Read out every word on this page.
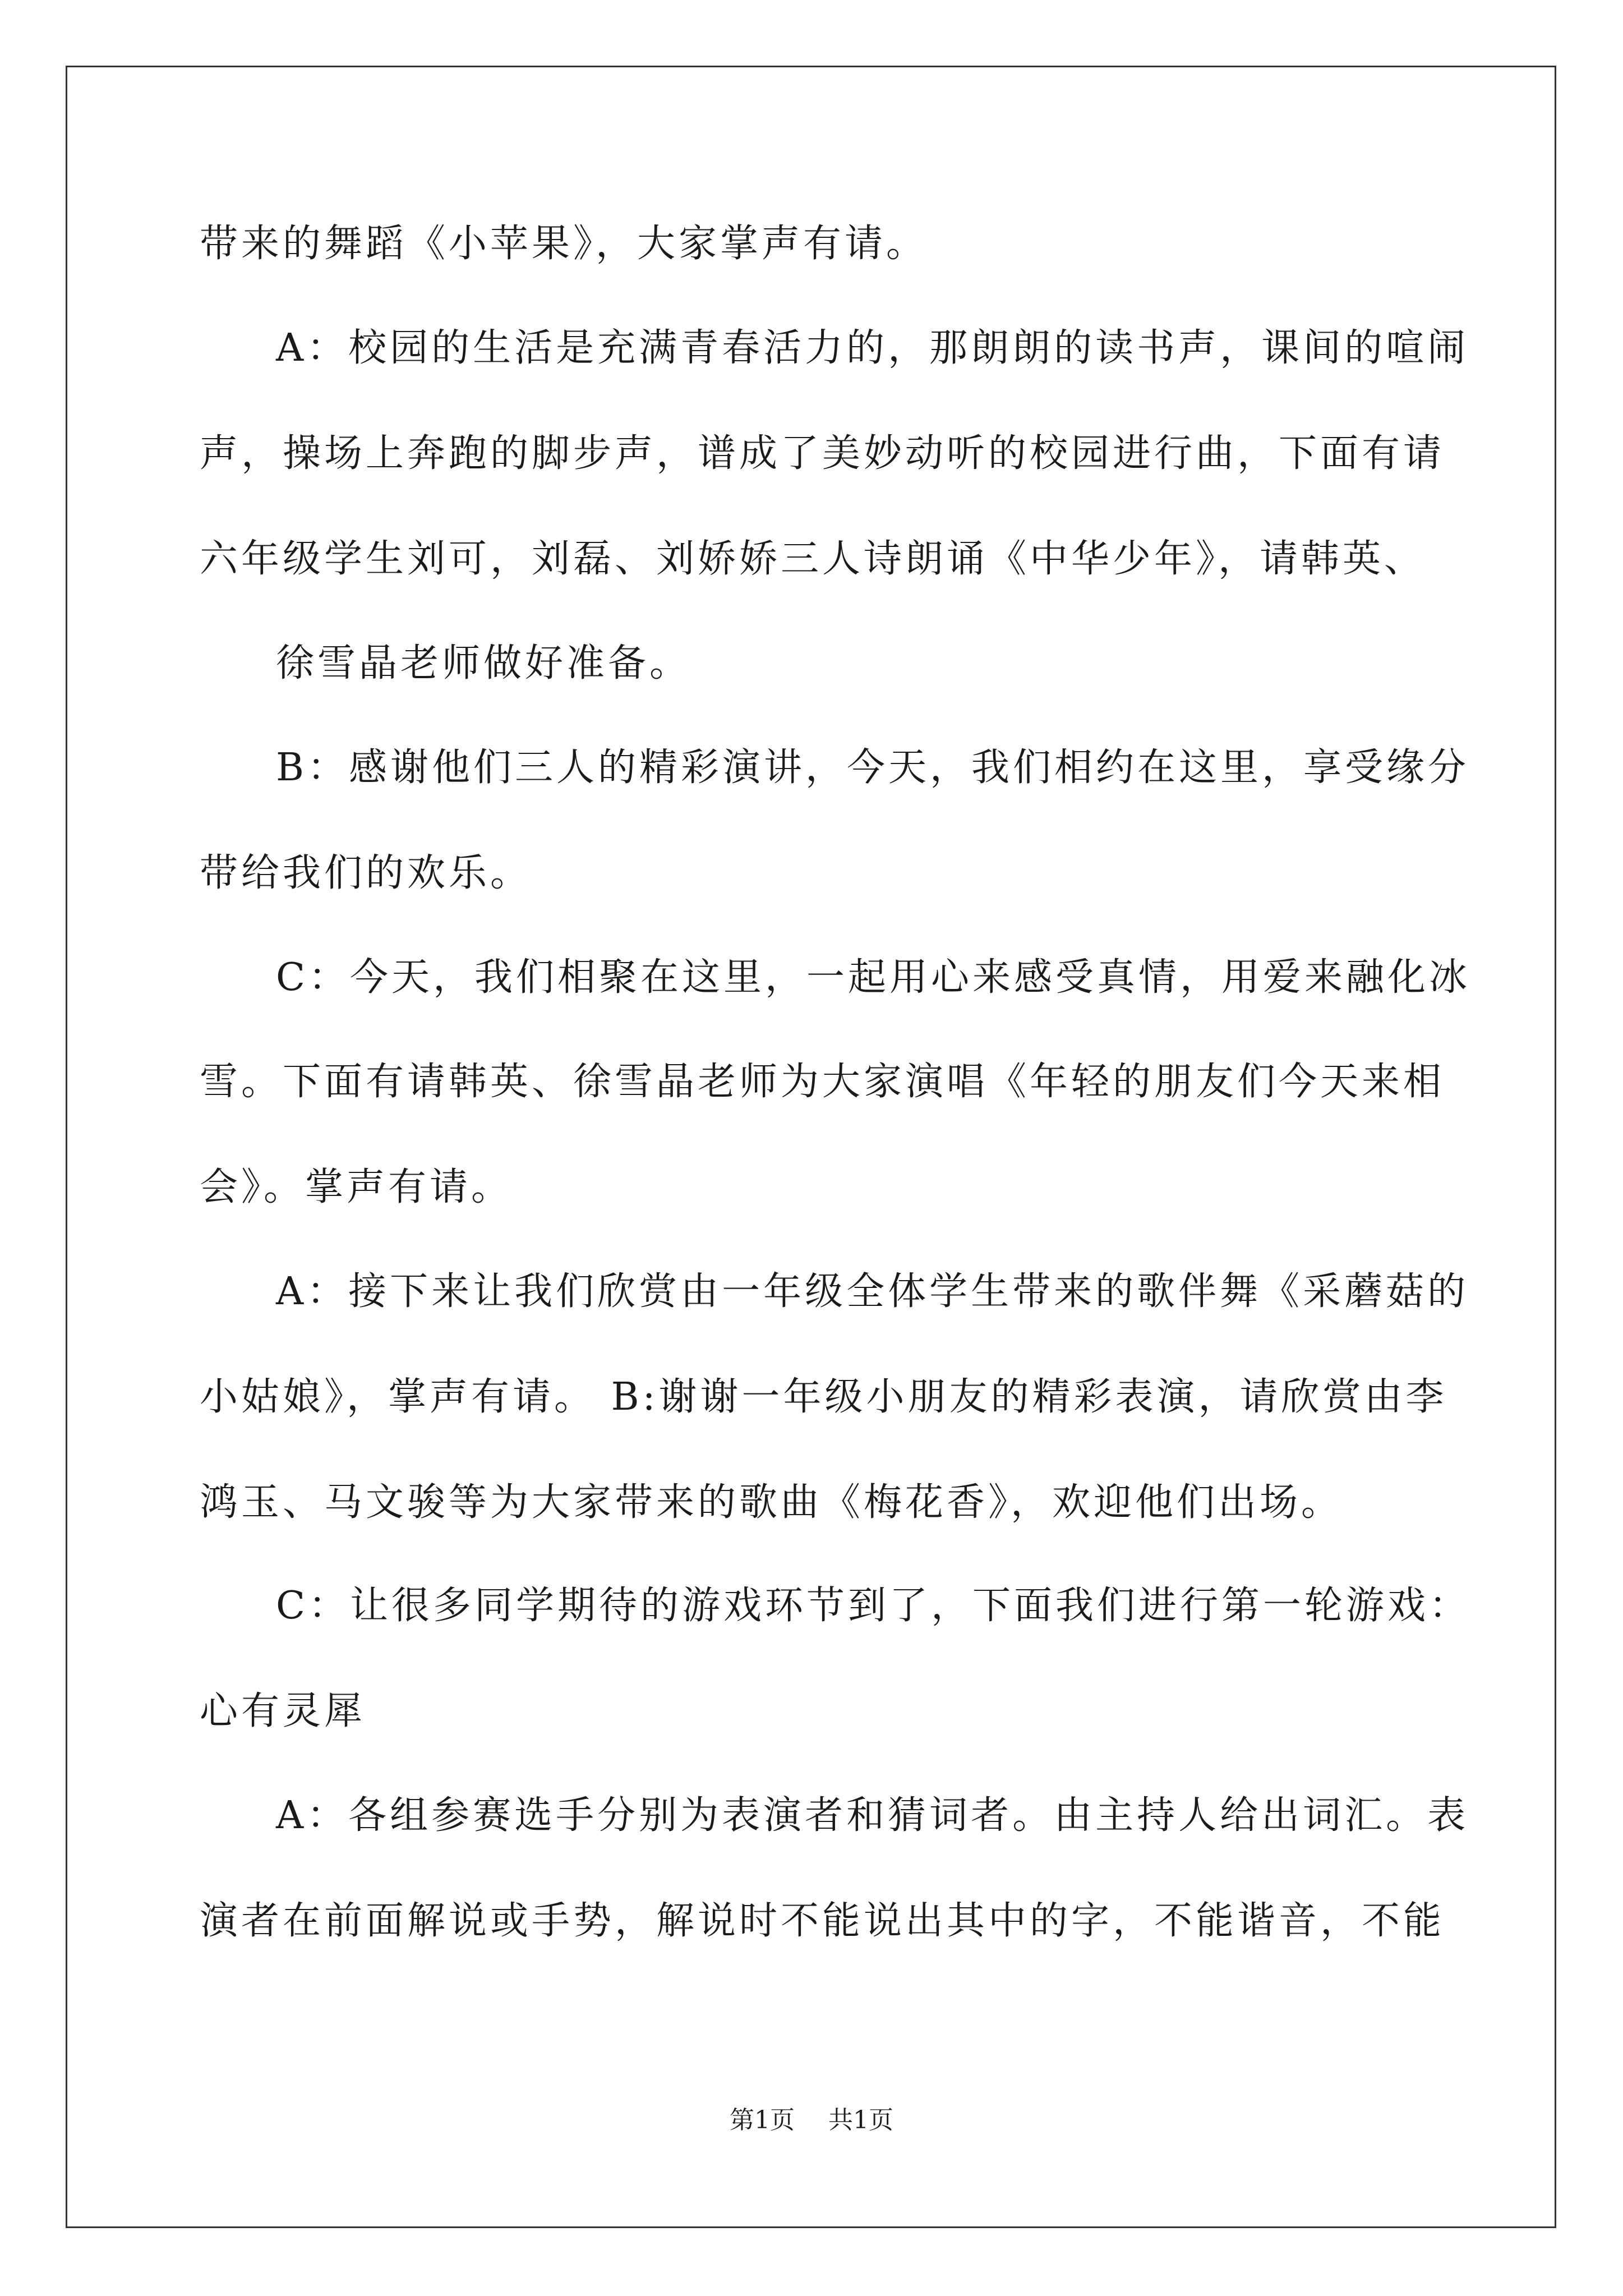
带来的舞蹈《小苹果》，大家掌声有请。
A：校园的生活是充满青春活力的，那朗朗的读书声，课间的喧闹
声，操场上奔跑的脚步声，谱成了美妙动听的校园进行曲，下面有请
六年级学生刘可，刘磊、刘娇娇三人诗朗诵《中华少年》，请韩英、
徐雪晶老师做好准备。
B：感谢他们三人的精彩演讲，今天，我们相约在这里，享受缘分
带给我们的欢乐。
C：今天，我们相聚在这里，一起用心来感受真情，用爱来融化冰
雪。下面有请韩英、徐雪晶老师为大家演唱《年轻的朋友们今天来相
会》。掌声有请。
A：接下来让我们欣赏由一年级全体学生带来的歌伴舞《采蘑菇的
小姑娘》，掌声有请。 B:谢谢一年级小朋友的精彩表演，请欣赏由李
鸿玉、马文骏等为大家带来的歌曲《梅花香》，欢迎他们出场。
C：让很多同学期待的游戏环节到了，下面我们进行第一轮游戏：
心有灵犀
A：各组参赛选手分别为表演者和猜词者。由主持人给出词汇。表
演者在前面解说或手势，解说时不能说出其中的字，不能谐音，不能
第1页 共1页
